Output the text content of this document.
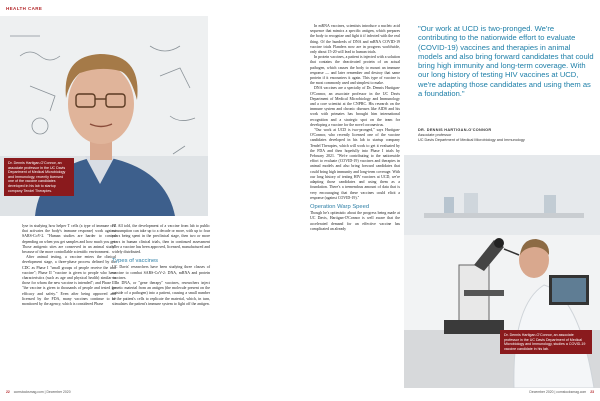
HEALTH CARE
Dr. Dennis Hartigan-O'Connor, an associate professor in the UC Davis Department of Medical Microbiology and Immunology, recently licensed one of the vaccine candidates developed in his lab to startup company Tendel Therapies.

lyse in studying how helper T cells (a type of immune cell that activates the body's immune response) work against SARS-CoV-2. "Human studies are harder to control depending on when you get samples and how much you get. Those antigenic sites are conserved in an animal study" because of the more controllable scientific environment.

After animal testing, a vaccine enters the clinical development stage, a three-phase process defined by the CDC as Phase I "small groups of people receive the trial vaccine"; Phase II "vaccine is given to people who have characteristics (such as age and physical health) similar to those for whom the new vaccine is intended"; and Phase III "the vaccine is given to thousands of people and tested for efficacy and safety." Even after being approved and licensed by the FDA, many vaccines continue to be monitored by the agency, which is considered Phase

IV. All told, the development of a vaccine from lab to public consumption can take up to a decade or more, with up to four years being spent in the preclinical stage, then two or more years in human clinical trials, then in continued assessment after a vaccine has been approved, licensed, manufactured and widely distributed.

Types of vaccines

UC Davis' researchers have been studying three classes of vaccine to combat SARS-CoV-2: DNA, mRNA and protein vaccines.

In DNA, or "gene therapy" vaccines, researchers inject genetic material from an antigen (the molecule present on the outside of a pathogen) into a patient, causing a small number of the patient's cells to replicate the material, which, in turn, stimulates the patient's immune system to fight off the antigen.

In mRNA vaccines, scientists introduce a nucleic acid sequence that mimics a specific antigen, which prepares the body to recognize and fight it if infected with the real thing. Of the hundreds of DNA and mRNA COVID-19 vaccine trials Flanders now are in progress worldwide, only about 15-20 will lead to human trials.

In protein vaccines, a patient is injected with a solution that contains the deactivated protein of an actual pathogen, which causes the body to mount an immune response — and later remember and destroy that same protein if it encounters it again. This type of vaccine is the most commonly used and simplest to make.

DNA vaccines are a specialty of Dr. Dennis Hartigan-O'Connor, an associate professor in the UC Davis Department of Medical Microbiology and Immunology and a core scientist at the CNPRC. His research on the immune system and chronic diseases like AIDS and his work with primates has brought him international recognition and a strategic spot on the team for developing a vaccine for the novel coronavirus.

"Our work at UCD is two-pronged," says Hartigan-O'Connor, who recently licensed one of the vaccine candidates developed in his lab to startup company Tendel Therapies, which will work to get it evaluated by the FDA and then hopefully into Phase I trials by February 2021. "We're contributing to the nationwide effort to evaluate (COVID-19) vaccines and therapies in animal models and also bring forward candidates that could bring high immunity and long-term coverage. With our long history of testing HIV vaccines at UCD, we're adapting those candidates and using them as a foundation. There's a tremendous amount of data that is very encouraging that these vaccines could elicit a response (against COVID-19)."

Operation Warp Speed

Though he's optimistic about the progress being made at UC Davis, Hartigan-O'Connor is well aware that the accelerated demand for an effective vaccine has complicated an already

"Our work at UCD is two-pronged. We're contributing to the nationwide effort to evaluate (COVID-19) vaccines and therapies in animal models and also bring forward candidates that could bring high immunity and long-term coverage. With our long history of testing HIV vaccines at UCD, we're adapting those candidates and using them as a foundation."
DR. DENNIS HARTIGAN-O'CONNOR
Associate professor
UC Davis Department of Medical Microbiology and Immunology
Dr. Dennis Hartigan-O'Connor, an associate professor in the UC Davis Department of Medical Microbiology and Immunology, studies a COVID-19 vaccine candidate in his lab.
22 comstocksmag.com | December 2020	December 2020 | comstocksmag.com 23
